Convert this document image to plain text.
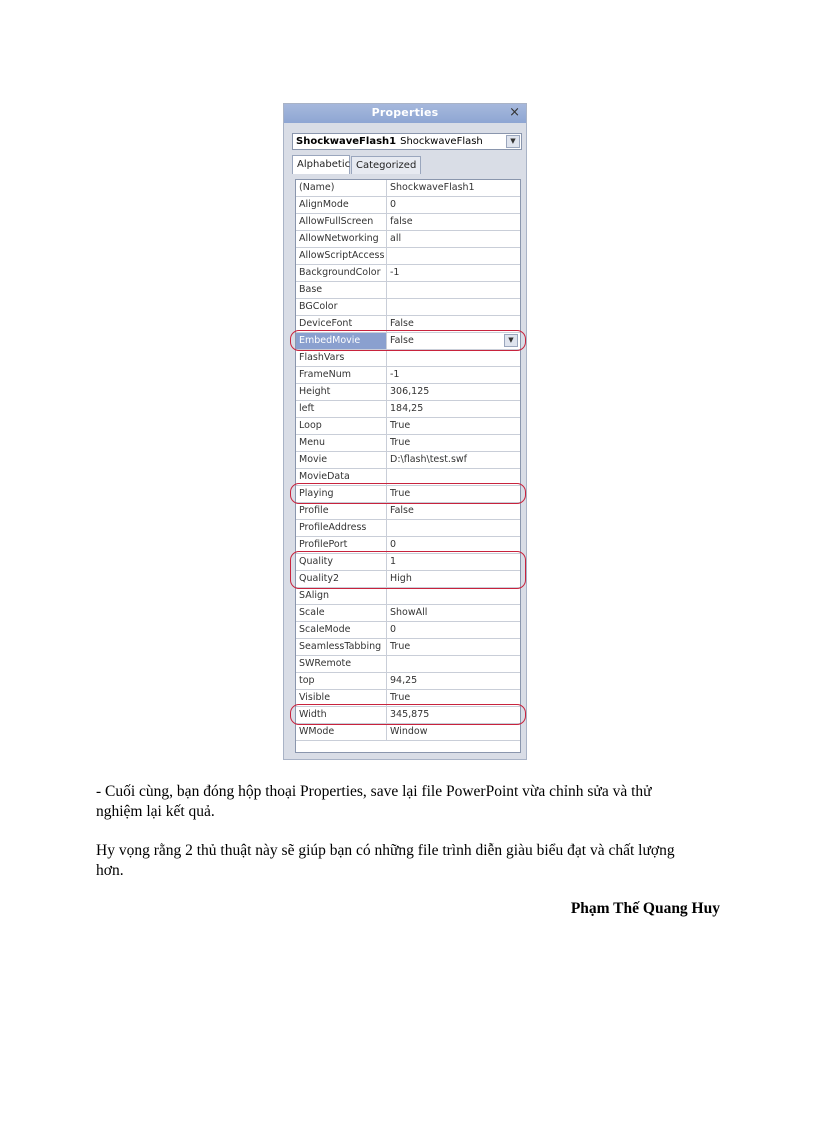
Properties	×
ShockwaveFlash1 ShockwaveFlash	▼
Alphabetic Categorized
(Name)	ShockwaveFlash1
AlignMode	0
AllowFullScreen	false
AllowNetworking	all
AllowScriptAccess
BackgroundColor	-1
Base
BGColor
DeviceFont	False
EmbedMovie	False	▼
FlashVars
FrameNum	-1
Height	306,125
left	184,25
Loop	True
Menu	True
Movie	D:\flash\test.swf
MovieData
Playing	True
Profile	False
ProfileAddress
ProfilePort	0
Quality	1
Quality2	High
SAlign
Scale	ShowAll
ScaleMode	0
SeamlessTabbing True
SWRemote
top	94,25
Visible	True
Width	345,875
WMode	Window
- Cuối cùng, bạn đóng hộp thoại Properties, save lại file PowerPoint vừa chỉnh sửa và thử nghiệm lại kết quả.
Hy vọng rằng 2 thủ thuật này sẽ giúp bạn có những file trình diễn giàu biểu đạt và chất lượng hơn.
Phạm Thế Quang Huy
